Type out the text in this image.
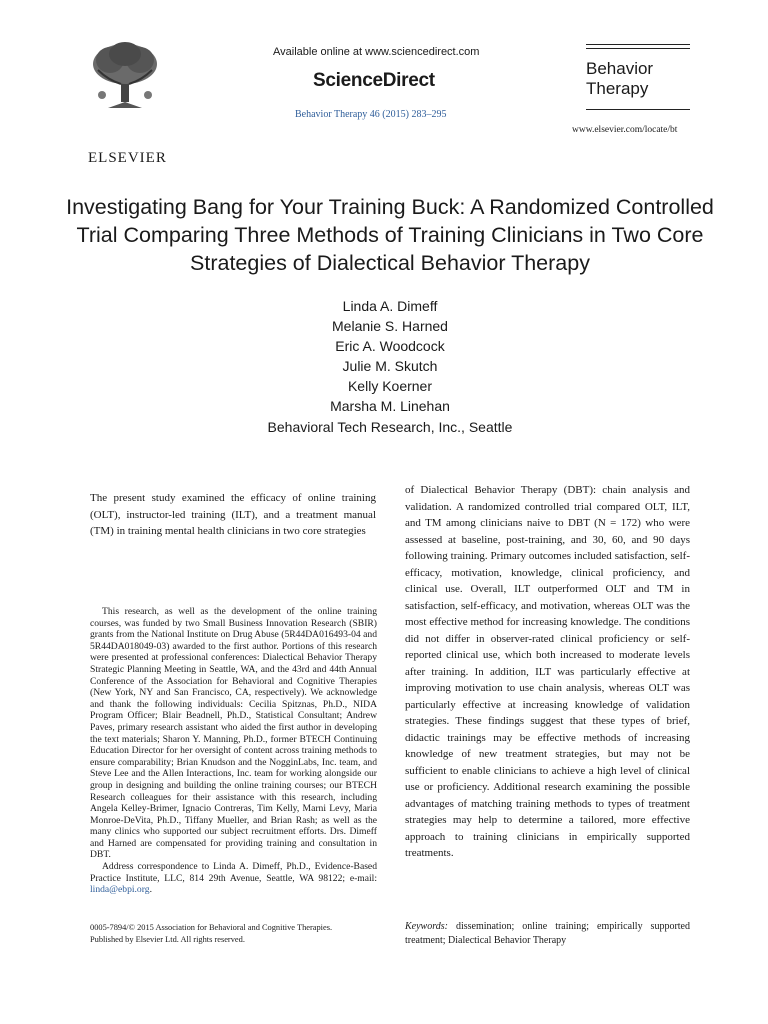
ELSEVIER
Available online at www.sciencedirect.com
ScienceDirect
Behavior Therapy 46 (2015) 283–295
Behavior
Therapy
www.elsevier.com/locate/bt
Investigating Bang for Your Training Buck: A Randomized Controlled Trial Comparing Three Methods of Training Clinicians in Two Core Strategies of Dialectical Behavior Therapy
Linda A. Dimeff
Melanie S. Harned
Eric A. Woodcock
Julie M. Skutch
Kelly Koerner
Marsha M. Linehan
Behavioral Tech Research, Inc., Seattle
The present study examined the efficacy of online training (OLT), instructor-led training (ILT), and a treatment manual (TM) in training mental health clinicians in two core strategies

This research, as well as the development of the online training courses, was funded by two Small Business Innovation Research (SBIR) grants from the National Institute on Drug Abuse (5R44DA016493-04 and 5R44DA018049-03) awarded to the first author. Portions of this research were presented at professional conferences: Dialectical Behavior Therapy Strategic Planning Meeting in Seattle, WA, and the 43rd and 44th Annual Conference of the Association for Behavioral and Cognitive Therapies (New York, NY and San Francisco, CA, respectively). We acknowledge and thank the following individuals: Cecilia Spitznas, Ph.D., NIDA Program Officer; Blair Beadnell, Ph.D., Statistical Consultant; Andrew Paves, primary research assistant who aided the first author in developing the text materials; Sharon Y. Manning, Ph.D., former BTECH Continuing Education Director for her oversight of content across training methods to ensure comparability; Brian Knudson and the NogginLabs, Inc. team, and Steve Lee and the Allen Interactions, Inc. team for working alongside our group in designing and building the online training courses; our BTECH Research colleagues for their assistance with this research, including Angela Kelley-Brimer, Ignacio Contreras, Tim Kelly, Marni Levy, Maria Monroe-DeVita, Ph.D., Tiffany Mueller, and Brian Rash; as well as the many clinics who supported our subject recruitment efforts. Drs. Dimeff and Harned are compensated for providing training and consultation in DBT.

Address correspondence to Linda A. Dimeff, Ph.D., Evidence-Based Practice Institute, LLC, 814 29th Avenue, Seattle, WA 98122; e-mail: linda@ebpi.org.

0005-7894/© 2015 Association for Behavioral and Cognitive Therapies.
Published by Elsevier Ltd. All rights reserved.
of Dialectical Behavior Therapy (DBT): chain analysis and validation. A randomized controlled trial compared OLT, ILT, and TM among clinicians naive to DBT (N = 172) who were assessed at baseline, post-training, and 30, 60, and 90 days following training. Primary outcomes included satisfaction, self-efficacy, motivation, knowledge, clinical proficiency, and clinical use. Overall, ILT outperformed OLT and TM in satisfaction, self-efficacy, and motivation, whereas OLT was the most effective method for increasing knowledge. The conditions did not differ in observer-rated clinical proficiency or self-reported clinical use, which both increased to moderate levels after training. In addition, ILT was particularly effective at improving motivation to use chain analysis, whereas OLT was particularly effective at increasing knowledge of validation strategies. These findings suggest that these types of brief, didactic trainings may be effective methods of increasing knowledge of new treatment strategies, but may not be sufficient to enable clinicians to achieve a high level of clinical use or proficiency. Additional research examining the possible advantages of matching training methods to types of treatment strategies may help to determine a tailored, more effective approach to training clinicians in empirically supported treatments.
Keywords: dissemination; online training; empirically supported treatment; Dialectical Behavior Therapy
